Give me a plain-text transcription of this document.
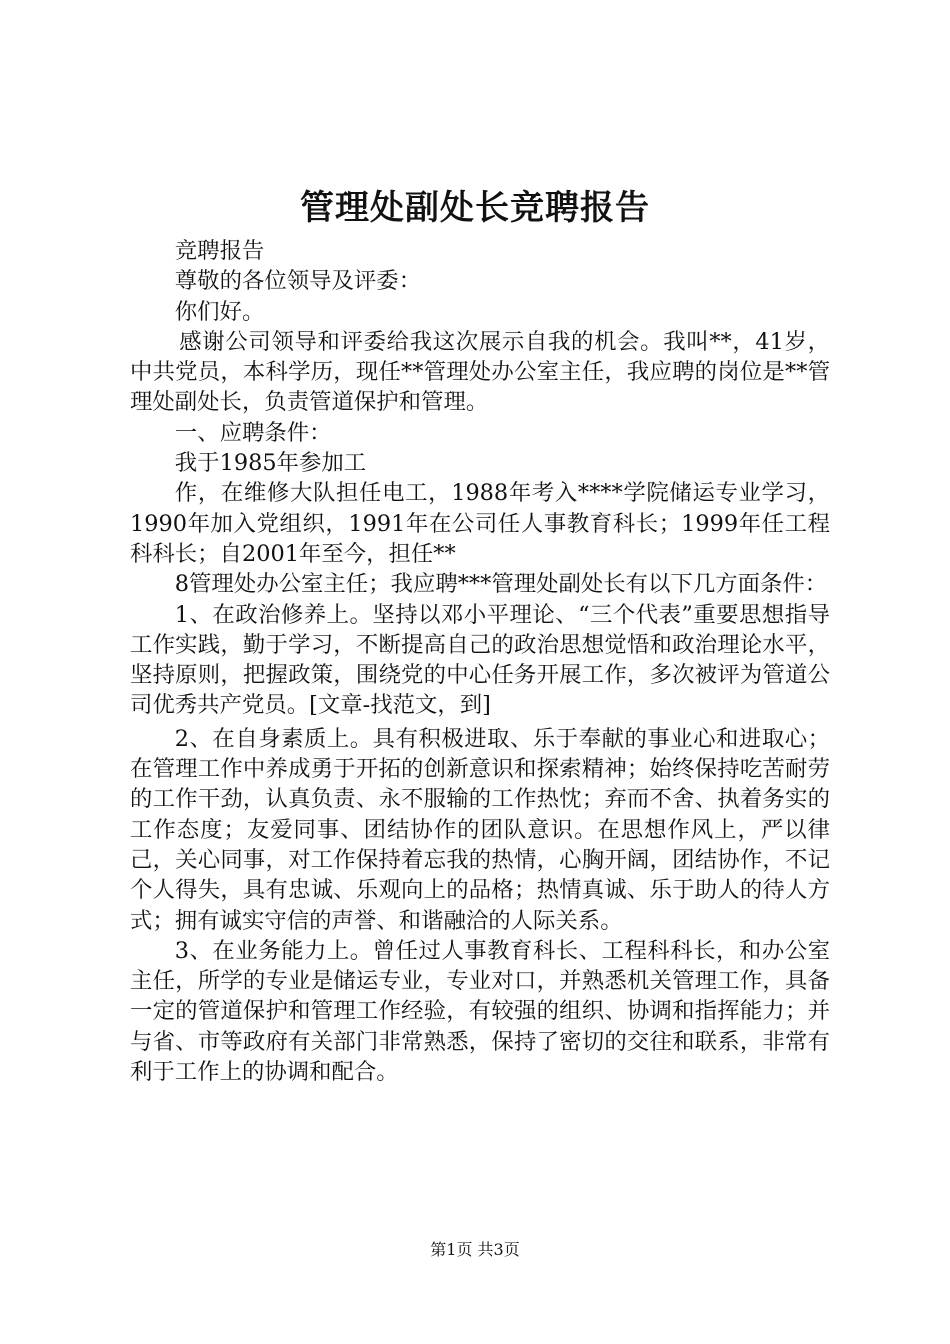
管理处副处长竞聘报告

竞聘报告

尊敬的各位领导及评委：

你们好。

感谢公司领导和评委给我这次展示自我的机会。我叫**，41岁，中共党员，本科学历，现任**管理处办公室主任，我应聘的岗位是**管理处副处长，负责管道保护和管理。

一、应聘条件：

我于1985年参加工

作，在维修大队担任电工，1988年考入****学院储运专业学习，1990年加入党组织，1991年在公司任人事教育科长；1999年任工程科科长；自2001年至今，担任**

8管理处办公室主任；我应聘***管理处副处长有以下几方面条件：

1、在政治修养上。坚持以邓小平理论、“三个代表”重要思想指导工作实践，勤于学习，不断提高自己的政治思想觉悟和政治理论水平，坚持原则，把握政策，围绕党的中心任务开展工作，多次被评为管道公司优秀共产党员。[文章-找范文，到]

2、在自身素质上。具有积极进取、乐于奉献的事业心和进取心；在管理工作中养成勇于开拓的创新意识和探索精神；始终保持吃苦耐劳的工作干劲，认真负责、永不服输的工作热忱；弃而不舍、执着务实的工作态度；友爱同事、团结协作的团队意识。在思想作风上，严以律己，关心同事，对工作保持着忘我的热情，心胸开阔，团结协作，不记个人得失，具有忠诚、乐观向上的品格；热情真诚、乐于助人的待人方式；拥有诚实守信的声誉、和谐融洽的人际关系。

3、在业务能力上。曾任过人事教育科长、工程科科长，和办公室主任，所学的专业是储运专业，专业对口，并熟悉机关管理工作，具备一定的管道保护和管理工作经验，有较强的组织、协调和指挥能力；并与省、市等政府有关部门非常熟悉，保持了密切的交往和联系，非常有利于工作上的协调和配合。

第1页 共3页
